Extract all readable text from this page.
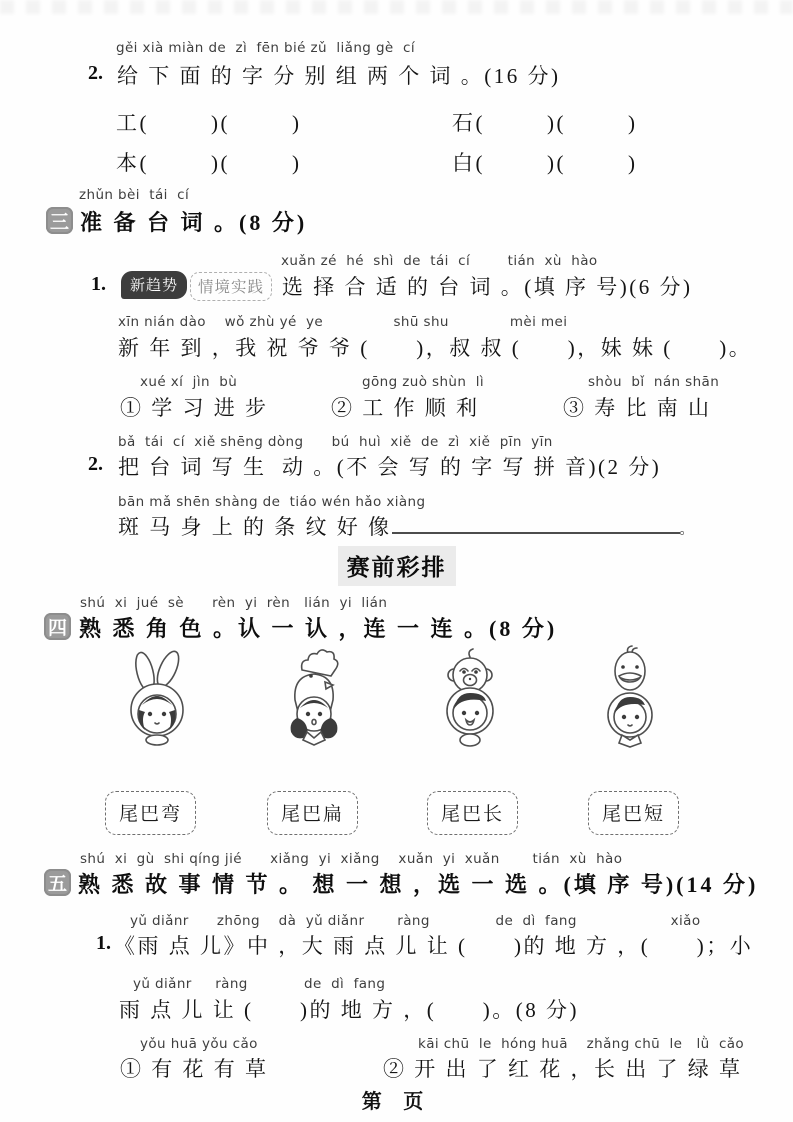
gěi xià miàn de  zì  fēn bié zǔ  liǎng gè  cí
2. 给 下 面 的 字 分 别 组 两 个 词 。(16 分)
工(        )(        )	石(        )(        )
本(        )(        )	白(        )(        )
zhǔn bèi  tái  cí
三 准 备 台 词 。(8 分)
xuǎn zé  hé  shì  de  tái  cí        tián  xù  hào
1.	新趋势	情境实践 选 择 合 适 的 台 词 。(填 序 号)(6 分)
xīn nián dào    wǒ zhù yé  ye               shū shu             mèi mei
新 年 到 ，我 祝 爷 爷 (      )，叔 叔 (      )，妹 妹 (      )。
xué xí  jìn  bù	gōng zuò shùn  lì	shòu  bǐ  nán shān
① 学 习 进 步	② 工 作 顺 利	③ 寿 比 南 山
bǎ  tái  cí  xiě shēng dòng      bú  huì  xiě  de  zì  xiě  pīn  yīn
2. 把 台 词 写 生  动 。(不 会 写 的 字 写 拼 音)(2 分)
bān mǎ shēn shàng de  tiáo wén hǎo xiàng
斑 马 身 上 的 条 纹 好 像	。
赛前彩排
shú  xi  jué  sè      rèn  yi  rèn   lián  yi  lián
四 熟 悉 角 色 。认 一 认 ，连 一 连 。(8 分)
尾巴弯	尾巴扁	尾巴长	尾巴短
shú  xi  gù  shi qíng jié      xiǎng  yi  xiǎng    xuǎn  yi  xuǎn       tián  xù  hào
五 熟 悉 故 事 情 节 。 想 一 想 ，选 一 选 。(填 序 号)(14 分)
yǔ diǎnr      zhōng    dà  yǔ diǎnr       ràng              de  dì  fang                    xiǎo
1. 《雨 点 儿》中 ，大 雨 点 儿 让 (      )的 地 方 ，(      )；小
yǔ diǎnr     ràng            de  dì  fang
雨 点 儿 让 (      )的 地 方 ，(      )。(8 分)
yǒu huā yǒu cǎo	kāi chū  le  hóng huā    zhǎng chū  le   lǜ  cǎo
① 有 花 有 草	② 开 出 了 红 花 ，长 出 了 绿 草
第 页
